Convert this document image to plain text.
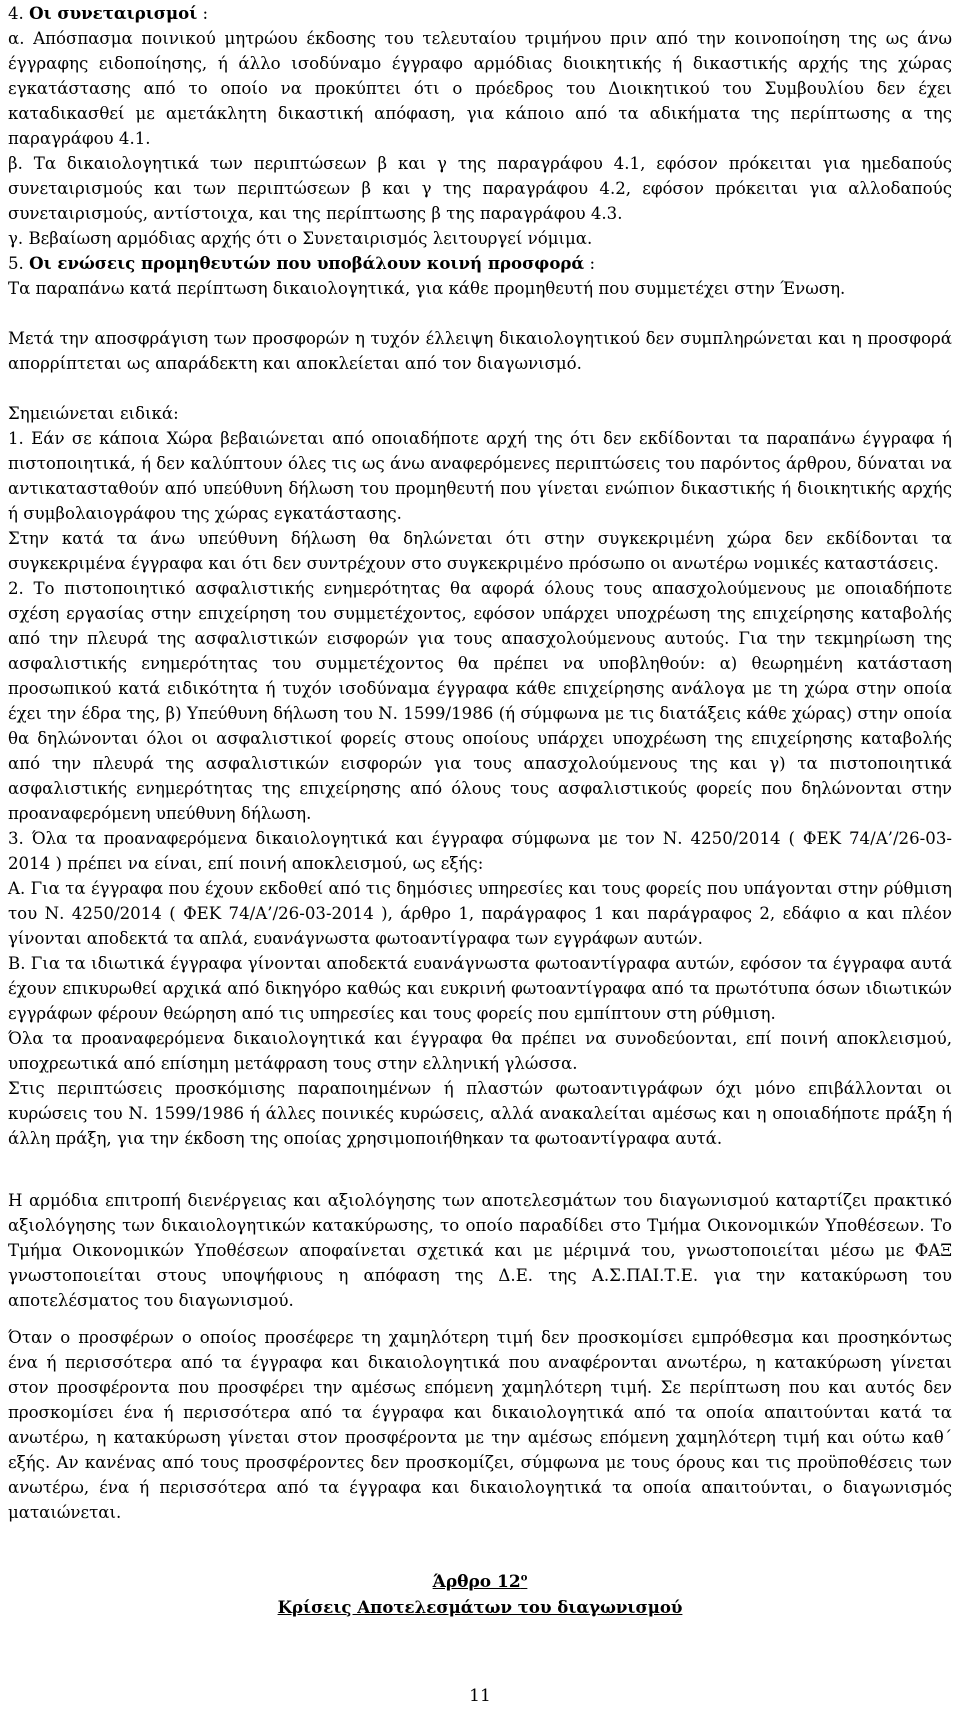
4. Οι συνεταιρισμοί :

α. Απόσπασμα ποινικού μητρώου έκδοσης του τελευταίου τριμήνου πριν από την κοινοποίηση της ως άνω έγγραφης ειδοποίησης, ή άλλο ισοδύναμο έγγραφο αρμόδιας διοικητικής ή δικαστικής αρχής της χώρας εγκατάστασης από το οποίο να προκύπτει ότι ο πρόεδρος του Διοικητικού του Συμβουλίου δεν έχει καταδικασθεί με αμετάκλητη δικαστική απόφαση, για κάποιο από τα αδικήματα της περίπτωσης α της παραγράφου 4.1.

β. Τα δικαιολογητικά των περιπτώσεων β και γ της παραγράφου 4.1, εφόσον πρόκειται για ημεδαπούς συνεταιρισμούς και των περιπτώσεων β και γ της παραγράφου 4.2, εφόσον πρόκειται για αλλοδαπούς συνεταιρισμούς, αντίστοιχα, και της περίπτωσης β της παραγράφου 4.3.

γ. Βεβαίωση αρμόδιας αρχής ότι ο Συνεταιρισμός λειτουργεί νόμιμα.

5. Οι ενώσεις προμηθευτών που υποβάλουν κοινή προσφορά :

Τα παραπάνω κατά περίπτωση δικαιολογητικά, για κάθε προμηθευτή που συμμετέχει στην Ένωση.

Μετά την αποσφράγιση των προσφορών η τυχόν έλλειψη δικαιολογητικού δεν συμπληρώνεται και η προσφορά απορρίπτεται ως απαράδεκτη και αποκλείεται από τον διαγωνισμό.

Σημειώνεται ειδικά:

1. Εάν σε κάποια Χώρα βεβαιώνεται από οποιαδήποτε αρχή της ότι δεν εκδίδονται τα παραπάνω έγγραφα ή πιστοποιητικά, ή δεν καλύπτουν όλες τις ως άνω αναφερόμενες περιπτώσεις του παρόντος άρθρου, δύναται να αντικατασταθούν από υπεύθυνη δήλωση του προμηθευτή που γίνεται ενώπιον δικαστικής ή διοικητικής αρχής ή συμβολαιογράφου της χώρας εγκατάστασης.

Στην κατά τα άνω υπεύθυνη δήλωση θα δηλώνεται ότι στην συγκεκριμένη χώρα δεν εκδίδονται τα συγκεκριμένα έγγραφα και ότι δεν συντρέχουν στο συγκεκριμένο πρόσωπο οι ανωτέρω νομικές καταστάσεις.

2. Το πιστοποιητικό ασφαλιστικής ενημερότητας θα αφορά όλους τους απασχολούμενους με οποιαδήποτε σχέση εργασίας στην επιχείρηση του συμμετέχοντος, εφόσον υπάρχει υποχρέωση της επιχείρησης καταβολής από την πλευρά της ασφαλιστικών εισφορών για τους απασχολούμενους αυτούς. Για την τεκμηρίωση της ασφαλιστικής ενημερότητας του συμμετέχοντος θα πρέπει να υποβληθούν: α) θεωρημένη κατάσταση προσωπικού κατά ειδικότητα ή τυχόν ισοδύναμα έγγραφα κάθε επιχείρησης ανάλογα με τη χώρα στην οποία έχει την έδρα της, β) Υπεύθυνη δήλωση του Ν. 1599/1986 (ή σύμφωνα με τις διατάξεις κάθε χώρας) στην οποία θα δηλώνονται όλοι οι ασφαλιστικοί φορείς στους οποίους υπάρχει υποχρέωση της επιχείρησης καταβολής από την πλευρά της ασφαλιστικών εισφορών για τους απασχολούμενους της και γ) τα πιστοποιητικά ασφαλιστικής ενημερότητας της επιχείρησης από όλους τους ασφαλιστικούς φορείς που δηλώνονται στην προαναφερόμενη υπεύθυνη δήλωση.

3. Όλα τα προαναφερόμενα δικαιολογητικά και έγγραφα σύμφωνα με τον Ν. 4250/2014 ( ΦΕΚ 74/Α’/26-03-2014 ) πρέπει να είναι, επί ποινή αποκλεισμού, ως εξής:

Α. Για τα έγγραφα που έχουν εκδοθεί από τις δημόσιες υπηρεσίες και τους φορείς που υπάγονται στην ρύθμιση του Ν. 4250/2014 ( ΦΕΚ 74/Α’/26-03-2014 ), άρθρο 1, παράγραφος 1 και παράγραφος 2, εδάφιο α και πλέον γίνονται αποδεκτά τα απλά, ευανάγνωστα φωτοαντίγραφα των εγγράφων αυτών.

Β. Για τα ιδιωτικά έγγραφα γίνονται αποδεκτά ευανάγνωστα φωτοαντίγραφα αυτών, εφόσον τα έγγραφα αυτά έχουν επικυρωθεί αρχικά από δικηγόρο καθώς και ευκρινή φωτοαντίγραφα από τα πρωτότυπα όσων ιδιωτικών εγγράφων φέρουν θεώρηση από τις υπηρεσίες και τους φορείς που εμπίπτουν στη ρύθμιση.

Όλα τα προαναφερόμενα δικαιολογητικά και έγγραφα θα πρέπει να συνοδεύονται, επί ποινή αποκλεισμού, υποχρεωτικά από επίσημη μετάφραση τους στην ελληνική γλώσσα.

Στις περιπτώσεις προσκόμισης παραποιημένων ή πλαστών φωτοαντιγράφων όχι μόνο επιβάλλονται οι κυρώσεις του Ν. 1599/1986 ή άλλες ποινικές κυρώσεις, αλλά ανακαλείται αμέσως και η οποιαδήποτε πράξη ή άλλη πράξη, για την έκδοση της οποίας χρησιμοποιήθηκαν τα φωτοαντίγραφα αυτά.

Η αρμόδια επιτροπή διενέργειας και αξιολόγησης των αποτελεσμάτων του διαγωνισμού καταρτίζει πρακτικό αξιολόγησης των δικαιολογητικών κατακύρωσης, το οποίο παραδίδει στο Τμήμα Οικονομικών Υποθέσεων. Το Τμήμα Οικονομικών Υποθέσεων αποφαίνεται σχετικά και με μέριμνά του, γνωστοποιείται μέσω με ΦΑΞ γνωστοποιείται στους υποψήφιους η απόφαση της Δ.Ε. της Α.Σ.ΠΑΙ.Τ.Ε. για την κατακύρωση του αποτελέσματος του διαγωνισμού.

Όταν ο προσφέρων ο οποίος προσέφερε τη χαμηλότερη τιμή δεν προσκομίσει εμπρόθεσμα και προσηκόντως ένα ή περισσότερα από τα έγγραφα και δικαιολογητικά που αναφέρονται ανωτέρω, η κατακύρωση γίνεται στον προσφέροντα που προσφέρει την αμέσως επόμενη χαμηλότερη τιμή. Σε περίπτωση που και αυτός δεν προσκομίσει ένα ή περισσότερα από τα έγγραφα και δικαιολογητικά από τα οποία απαιτούνται κατά τα ανωτέρω, η κατακύρωση γίνεται στον προσφέροντα με την αμέσως επόμενη χαμηλότερη τιμή και ούτω καθ΄ εξής. Αν κανένας από τους προσφέροντες δεν προσκομίζει, σύμφωνα με τους όρους και τις προϋποθέσεις των ανωτέρω, ένα ή περισσότερα από τα έγγραφα και δικαιολογητικά τα οποία απαιτούνται, ο διαγωνισμός ματαιώνεται.

Άρθρο $12^o$

Κρίσεις Αποτελεσμάτων του διαγωνισμού

11
